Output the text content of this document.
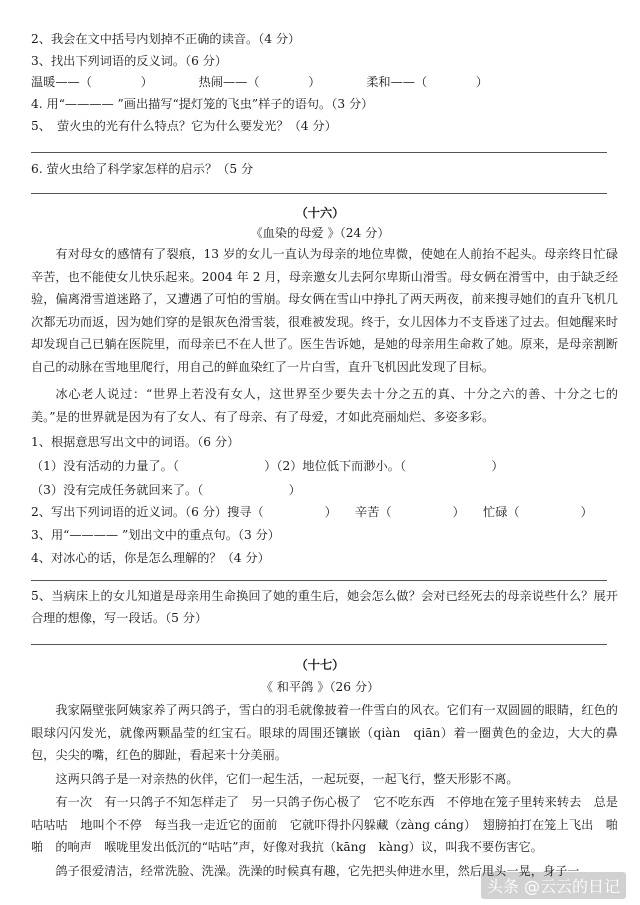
2、我会在文中括号内划掉不正确的读音。（4 分）
3、找出下列词语的反义词。（6 分）
温暖——（　　　　）	热闹——（　　　　）	柔和——（　　　　）
4. 用“———— ”画出描写“提灯笼的飞虫”样子的语句。（3 分）
5、　萤火虫的光有什么特点？它为什么要发光？（4 分）
6. 萤火虫给了科学家怎样的启示？（5 分
（十六）
《血染的母爱 》（24 分）
有对母女的感情有了裂痕，13 岁的女儿一直认为母亲的地位卑微，使她在人前抬不起头。母亲终日忙碌辛苦，也不能使女儿快乐起来。2004 年 2 月，母亲邀女儿去阿尔卑斯山滑雪。母女俩在滑雪中，由于缺乏经验，偏离滑雪道迷路了，又遭遇了可怕的雪崩。母女俩在雪山中挣扎了两天两夜，前来搜寻她们的直升飞机几次都无功而返，因为她们穿的是银灰色滑雪装，很难被发现。终于，女儿因体力不支昏迷了过去。但她醒来时却发现自己已躺在医院里，而母亲已不在人世了。医生告诉她，是她的母亲用生命救了她。原来，是母亲割断自己的动脉在雪地里爬行，用自己的鲜血染红了一片白雪，直升飞机因此发现了目标。
冰心老人说过：“世界上若没有女人，这世界至少要失去十分之五的真、十分之六的善、十分之七的美。”是的世界就是因为有了女人、有了母亲、有了母爱，才如此亮丽灿烂、多姿多彩。
1、根据意思写出文中的词语。（6 分）
（1）没有活动的力量了。（　　　　　　　）（2）地位低下而渺小。（　　　　　　　）
（3）没有完成任务就回来了。（　　　　　　　）
2、写出下列词语的近义词。（6 分）搜寻（　　　　　）　　辛苦（　　　　　）　　忙碌（　　　　　）
3、用“———— ”划出文中的重点句。（3 分）
4、对冰心的话，你是怎么理解的？（4 分）
5、当病床上的女儿知道是母亲用生命换回了她的重生后，她会怎么做？会对已经死去的母亲说些什么？展开合理的想像，写一段话。（5 分）
（十七）
《 和平鸽 》（26 分）
我家隔壁张阿姨家养了两只鸽子，雪白的羽毛就像披着一件雪白的风衣。它们有一双圆圆的眼睛，红色的眼球闪闪发光，就像两颗晶莹的红宝石。眼球的周围还镶嵌（qiàn　qiān）着一圈黄色的金边，大大的鼻包，尖尖的嘴，红色的脚趾，看起来十分美丽。
这两只鸽子是一对亲热的伙伴，它们一起生活，一起玩耍，一起飞行，整天形影不离。
有一次　有一只鸽子不知怎样走了　另一只鸽子伤心极了　它不吃东西　不停地在笼子里转来转去　总是　咕咕咕　地叫个不停　每当我一走近它的面前　它就吓得扑闪躲藏（zàng cáng）　翅膀拍打在笼上飞出　啪啪　的响声　喉咙里发出低沉的“咕咕”声，好像对我抗（kāng　kàng）议，叫我不要伤害它。
鸽子很爱清洁，经常洗脸、洗澡。洗澡的时候真有趣，它先把头伸进水里，然后甩头一晃，身子一
头条 @云云的日记
